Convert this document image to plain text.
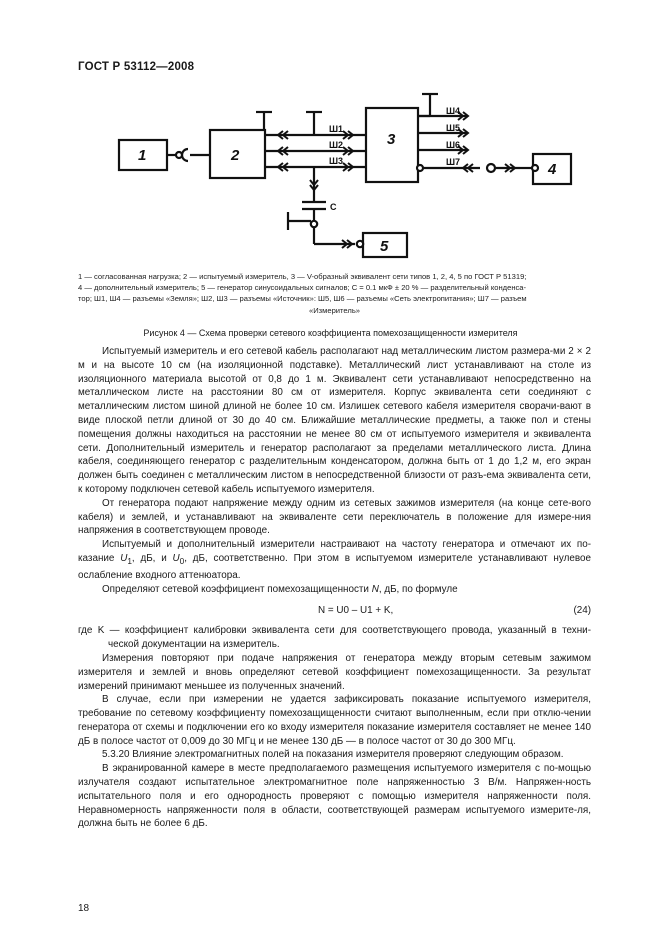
ГОСТ Р 53112—2008
1	2
3
4
5
Ш1
Ш2
Ш3
Ш4
Ш5
Ш6
Ш7
С
1 — согласованная нагрузка; 2 — испытуемый измеритель, 3 — V-образный эквивалент сети типов 1, 2, 4, 5 по ГОСТ Р 51319;
4 — дополнительный измеритель; 5 — генератор синусоидальных сигналов; С = 0.1 мкФ ± 20 % — разделительный конденса-
тор; Ш1, Ш4 — разъемы «Земля»; Ш2, Ш3 — разъемы «Источник»: Ш5, Ш6 — разъемы «Сеть электропитания»; Ш7 — разъем
«Измеритель»
Рисунок 4 — Схема проверки сетевого коэффициента помехозащищенности измерителя

Испытуемый измеритель и его сетевой кабель располагают над металлическим листом размера-ми 2 × 2 м и на высоте 10 см (на изоляционной подставке). Металлический лист устанавливают на столе из изоляционного материала высотой от 0,8 до 1 м. Эквивалент сети устанавливают непосредственно на металлическом листе на расстоянии 80 см от измерителя. Корпус эквивалента сети соединяют с металлическим листом шиной длиной не более 10 см. Излишек сетевого кабеля измерителя сворачи-вают в виде плоской петли длиной от 30 до 40 см. Ближайшие металлические предметы, а также пол и стены помещения должны находиться на расстоянии не менее 80 см от испытуемого измерителя и эквивалента сети. Дополнительный измеритель и генератор располагают за пределами металлического листа. Длина кабеля, соединяющего генератор с разделительным конденсатором, должна быть от 1 до 1,2 м, его экран должен быть соединен с металлическим листом в непосредственной близости от разъ-ема эквивалента сети, к которому подключен сетевой кабель испытуемого измерителя.

От генератора подают напряжение между одним из сетевых зажимов измерителя (на конце сете-вого кабеля) и землей, и устанавливают на эквиваленте сети переключатель в положение для измере-ния напряжения в соответствующем проводе.

Испытуемый и дополнительный измерители настраивают на частоту генератора и отмечают их по-казание $U_1$, дБ, и $U_0$, дБ, соответственно. При этом в испытуемом измерителе устанавливают нулевое ослабление входного аттенюатора.

Определяют сетевой коэффициент помехозащищенности N, дБ, по формуле

N = U0 – U1 + K,	(24)

где K — коэффициент калибровки эквивалента сети для соответствующего провода, указанный в техни-ческой документации на измеритель.

Измерения повторяют при подаче напряжения от генератора между вторым сетевым зажимом измерителя и землей и вновь определяют сетевой коэффициент помехозащищенности. За результат измерений принимают меньшее из полученных значений.

В случае, если при измерении не удается зафиксировать показание испытуемого измерителя, требование по сетевому коэффициенту помехозащищенности считают выполненным, если при отклю-чении генератора от схемы и подключении его ко входу измерителя показание измерителя составляет не менее 140 дБ в полосе частот от 0,009 до 30 МГц и не менее 130 дБ — в полосе частот от 30 до 300 МГц.

5.3.20 Влияние электромагнитных полей на показания измерителя проверяют следующим образом.

В экранированной камере в месте предполагаемого размещения испытуемого измерителя с по-мощью излучателя создают испытательное электромагнитное поле напряженностью 3 В/м. Напряжен-ность испытательного поля и его однородность проверяют с помощью измерителя напряженности поля. Неравномерность напряженности поля в области, соответствующей размерам испытуемого измерите-ля, должна быть не более 6 дБ.

18
